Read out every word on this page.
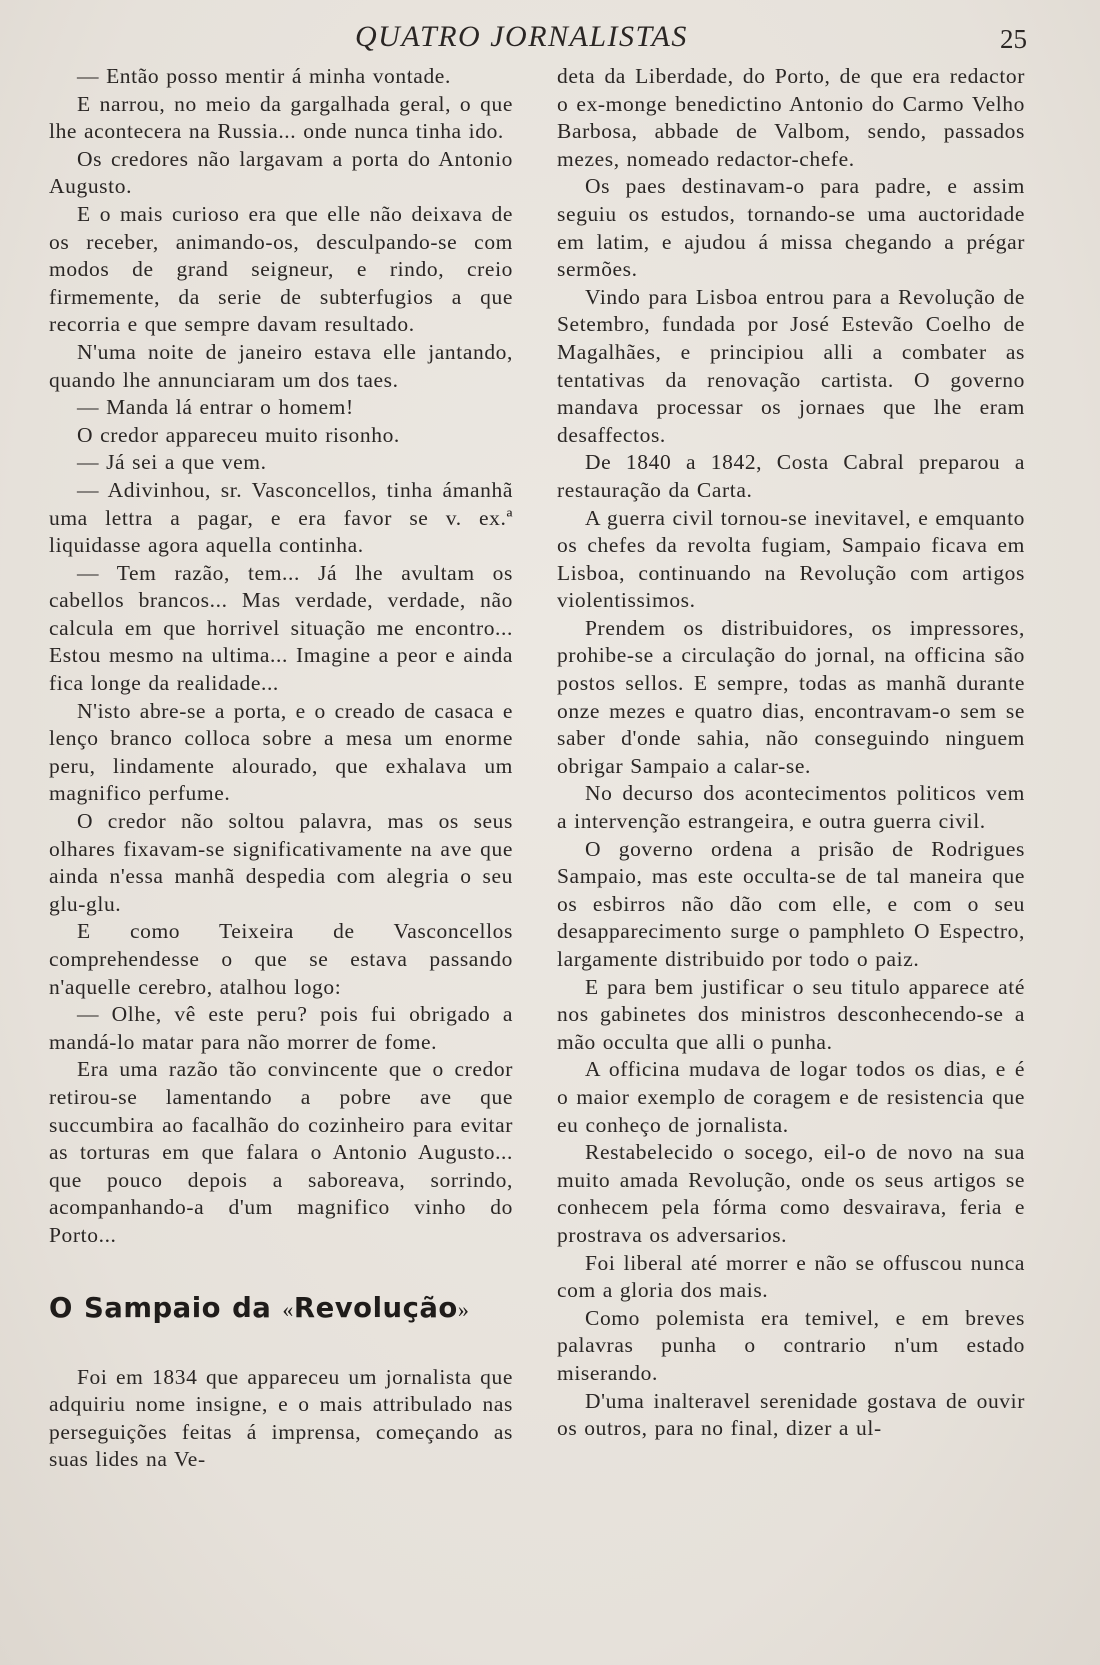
QUATRO JORNALISTAS	25

— Então posso mentir á minha vontade.

E narrou, no meio da gargalhada geral, o que lhe acontecera na Russia... onde nunca tinha ido.

Os credores não largavam a porta do Antonio Augusto.

E o mais curioso era que elle não deixava de os receber, animando-os, desculpando-se com modos de grand seigneur, e rindo, creio firmemente, da serie de subterfugios a que recorria e que sempre davam resultado.

N'uma noite de janeiro estava elle jantando, quando lhe annunciaram um dos taes.

— Manda lá entrar o homem!

O credor appareceu muito risonho.

— Já sei a que vem.

— Adivinhou, sr. Vasconcellos, tinha ámanhã uma lettra a pagar, e era favor se v. ex.ª liquidasse agora aquella continha.

— Tem razão, tem... Já lhe avultam os cabellos brancos... Mas verdade, verdade, não calcula em que horrivel situação me encontro... Estou mesmo na ultima... Imagine a peor e ainda fica longe da realidade...

N'isto abre-se a porta, e o creado de casaca e lenço branco colloca sobre a mesa um enorme peru, lindamente alourado, que exhalava um magnifico perfume.

O credor não soltou palavra, mas os seus olhares fixavam-se significativamente na ave que ainda n'essa manhã despedia com alegria o seu glu-glu.

E como Teixeira de Vasconcellos comprehendesse o que se estava passando n'aquelle cerebro, atalhou logo:

— Olhe, vê este peru? pois fui obrigado a mandá-lo matar para não morrer de fome.

Era uma razão tão convincente que o credor retirou-se lamentando a pobre ave que succumbira ao facalhão do cozinheiro para evitar as torturas em que falara o Antonio Augusto... que pouco depois a saboreava, sorrindo, acompanhando-a d'um magnifico vinho do Porto...

O Sampaio da «Revolução»

Foi em 1834 que appareceu um jornalista que adquiriu nome insigne, e o mais attribulado nas perseguições feitas á imprensa, começando as suas lides na Ve-

deta da Liberdade, do Porto, de que era redactor o ex-monge benedictino Antonio do Carmo Velho Barbosa, abbade de Valbom, sendo, passados mezes, nomeado redactor-chefe.

Os paes destinavam-o para padre, e assim seguiu os estudos, tornando-se uma auctoridade em latim, e ajudou á missa chegando a prégar sermões.

Vindo para Lisboa entrou para a Revolução de Setembro, fundada por José Estevão Coelho de Magalhães, e principiou alli a combater as tentativas da renovação cartista. O governo mandava processar os jornaes que lhe eram desaffectos.

De 1840 a 1842, Costa Cabral preparou a restauração da Carta.

A guerra civil tornou-se inevitavel, e emquanto os chefes da revolta fugiam, Sampaio ficava em Lisboa, continuando na Revolução com artigos violentissimos.

Prendem os distribuidores, os impressores, prohibe-se a circulação do jornal, na officina são postos sellos. E sempre, todas as manhã durante onze mezes e quatro dias, encontravam-o sem se saber d'onde sahia, não conseguindo ninguem obrigar Sampaio a calar-se.

No decurso dos acontecimentos politicos vem a intervenção estrangeira, e outra guerra civil.

O governo ordena a prisão de Rodrigues Sampaio, mas este occulta-se de tal maneira que os esbirros não dão com elle, e com o seu desapparecimento surge o pamphleto O Espectro, largamente distribuido por todo o paiz.

E para bem justificar o seu titulo apparece até nos gabinetes dos ministros desconhecendo-se a mão occulta que alli o punha.

A officina mudava de logar todos os dias, e é o maior exemplo de coragem e de resistencia que eu conheço de jornalista.

Restabelecido o socego, eil-o de novo na sua muito amada Revolução, onde os seus artigos se conhecem pela fórma como desvairava, feria e prostrava os adversarios.

Foi liberal até morrer e não se offuscou nunca com a gloria dos mais.

Como polemista era temivel, e em breves palavras punha o contrario n'um estado miserando.

D'uma inalteravel serenidade gostava de ouvir os outros, para no final, dizer a ul-
